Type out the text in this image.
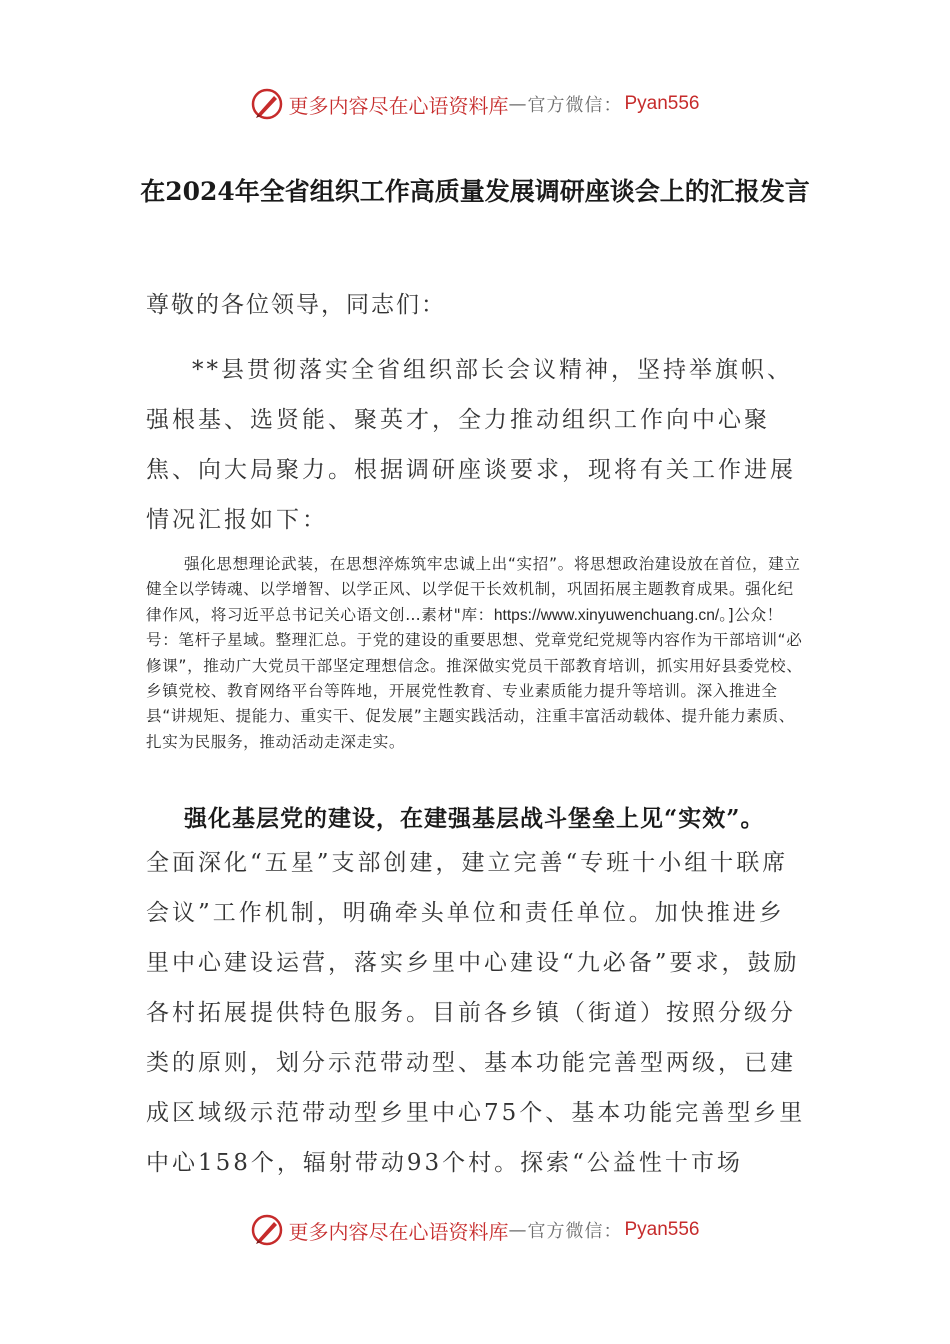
更多内容尽在心语资料库 — 官方微信： Pyan556
在2024年全省组织工作高质量发展调研座谈会上的汇报发言
尊敬的各位领导，同志们：

**县贯彻落实全省组织部长会议精神，坚持举旗帜、强根基、选贤能、聚英才，全力推动组织工作向中心聚焦、向大局聚力。根据调研座谈要求，现将有关工作进展情况汇报如下：

强化思想理论武装，在思想淬炼筑牢忠诚上出“实招”。将思想政治建设放在首位，建立健全以学铸魂、以学增智、以学正风、以学促干长效机制，巩固拓展主题教育成果。强化纪律作风，将习近平总书记关心语文创…素材"库：https://www.xinyuwenchuang.cn/。]公众！号：笔杆子星域。整理汇总。于党的建设的重要思想、党章党纪党规等内容作为干部培训“必修课”，推动广大党员干部坚定理想信念。推深做实党员干部教育培训，抓实用好县委党校、乡镇党校、教育网络平台等阵地，开展党性教育、专业素质能力提升等培训。深入推进全县“讲规矩、提能力、重实干、促发展”主题实践活动，注重丰富活动载体、提升能力素质、扎实为民服务，推动活动走深走实。

强化基层党的建设，在建强基层战斗堡垒上见“实效”。

全面深化“五星”支部创建，建立完善“专班十小组十联席会议”工作机制，明确牵头单位和责任单位。加快推进乡里中心建设运营，落实乡里中心建设“九必备”要求，鼓励各村拓展提供特色服务。目前各乡镇（街道）按照分级分类的原则，划分示范带动型、基本功能完善型两级，已建成区域级示范带动型乡里中心75个、基本功能完善型乡里中心158个，辐射带动93个村。探索“公益性十市场

更多内容尽在心语资料库 — 官方微信： Pyan556
